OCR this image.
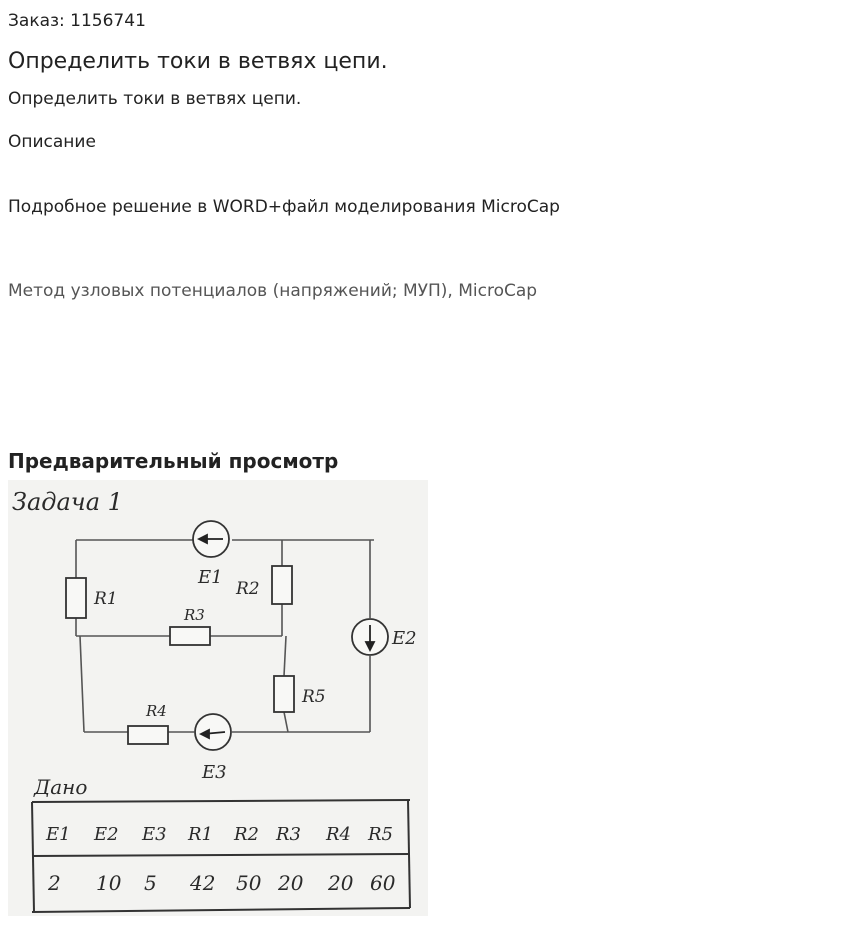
Заказ: 1156741
Определить токи в ветвях цепи.
Определить токи в ветвях цепи.
Описание
Подробное решение в WORD+файл моделирования MicroCap
Метод узловых потенциалов (напряжений; МУП), MicroCap
Предварительный просмотр
Задача 1
R1	R2
R3
R4
R5
E1
E2
E3
Дано
E1 E2 E3 R1 R2 R3 R4 R5
2 10 5 42 50 20 20 60
